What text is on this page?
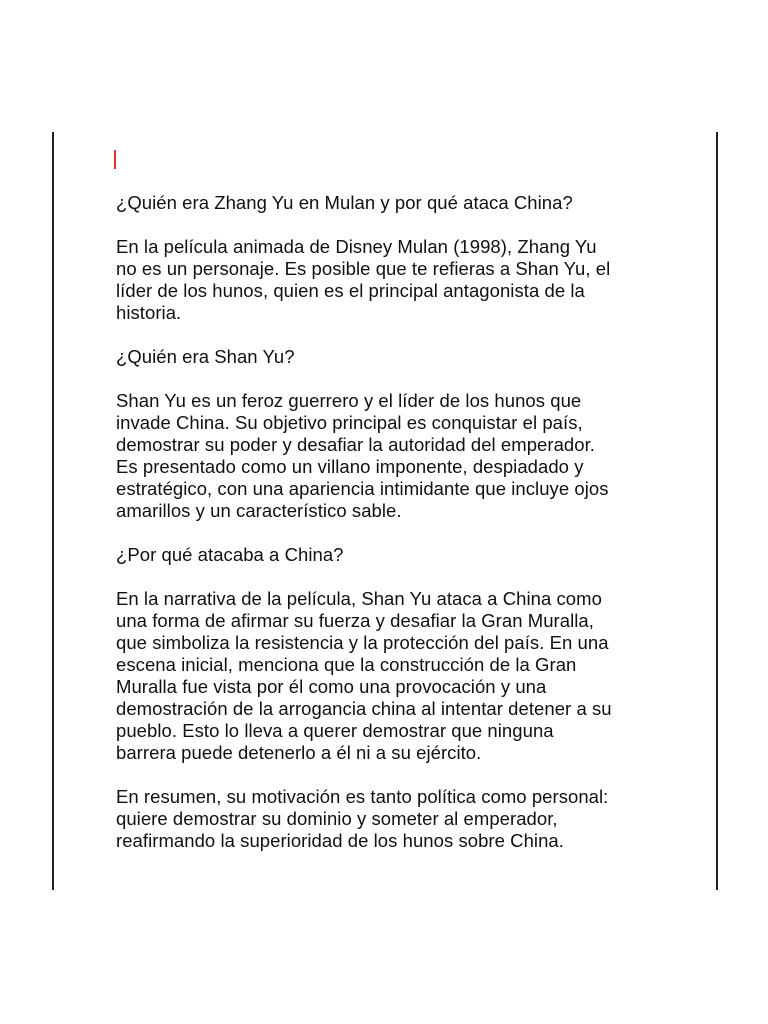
¿Quién era Zhang Yu en Mulan y por qué ataca China?

En la película animada de Disney Mulan (1998), Zhang Yu
no es un personaje. Es posible que te refieras a Shan Yu, el
líder de los hunos, quien es el principal antagonista de la
historia.

¿Quién era Shan Yu?

Shan Yu es un feroz guerrero y el líder de los hunos que
invade China. Su objetivo principal es conquistar el país,
demostrar su poder y desafiar la autoridad del emperador.
Es presentado como un villano imponente, despiadado y
estratégico, con una apariencia intimidante que incluye ojos
amarillos y un característico sable.

¿Por qué atacaba a China?

En la narrativa de la película, Shan Yu ataca a China como
una forma de afirmar su fuerza y desafiar la Gran Muralla,
que simboliza la resistencia y la protección del país. En una
escena inicial, menciona que la construcción de la Gran
Muralla fue vista por él como una provocación y una
demostración de la arrogancia china al intentar detener a su
pueblo. Esto lo lleva a querer demostrar que ninguna
barrera puede detenerlo a él ni a su ejército.

En resumen, su motivación es tanto política como personal:
quiere demostrar su dominio y someter al emperador,
reafirmando la superioridad de los hunos sobre China.
